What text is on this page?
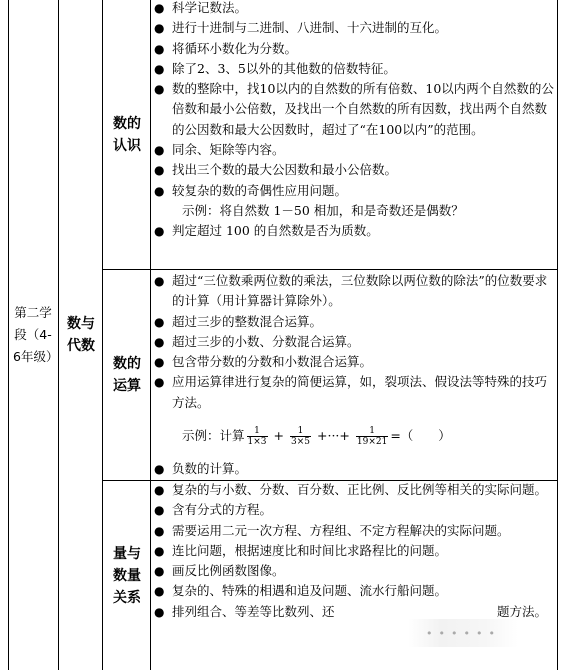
第二学段（4-6年级）
数与代数
数的认识
● 科学记数法。
● 进行十进制与二进制、八进制、十六进制的互化。
● 将循环小数化为分数。
● 除了2、3、5以外的其他数的倍数特征。
● 数的整除中，找10以内的自然数的所有倍数、10以内两个自然数的公倍数和最小公倍数，及找出一个自然数的所有因数，找出两个自然数的公因数和最大公因数时，超过了“在100以内”的范围。
● 同余、矩除等内容。
● 找出三个数的最大公因数和最小公倍数。
● 较复杂的数的奇偶性应用问题。
示例：将自然数 1－50 相加，和是奇数还是偶数？
● 判定超过 100 的自然数是否为质数。
数的运算
● 超过“三位数乘两位数的乘法，三位数除以两位数的除法”的位数要求的计算（用计算器计算除外）。
● 超过三步的整数混合运算。
● 超过三步的小数、分数混合运算。
● 包含带分数的分数和小数混合运算。
● 应用运算律进行复杂的简便运算，如，裂项法、假设法等特殊的技巧方法。
示例：计算 $\frac{1}{1\times 3} + \frac{1}{3\times 5}$ +···+ $\frac{1}{19\times 21}$ =（　　）
● 负数的计算。
量与数量关系
● 复杂的与小数、分数、百分数、正比例、反比例等相关的实际问题。
● 含有分式的方程。
● 需要运用二元一次方程、方程组、不定方程解决的实际问题。
● 连比问题，根据速度比和时间比求路程比的问题。
● 画反比例函数图像。
● 复杂的、特殊的相遇和追及问题、流水行船问题。
● 排列组合、等差等比数列、还　　　　　　　　　　　　　题方法。
••••••
